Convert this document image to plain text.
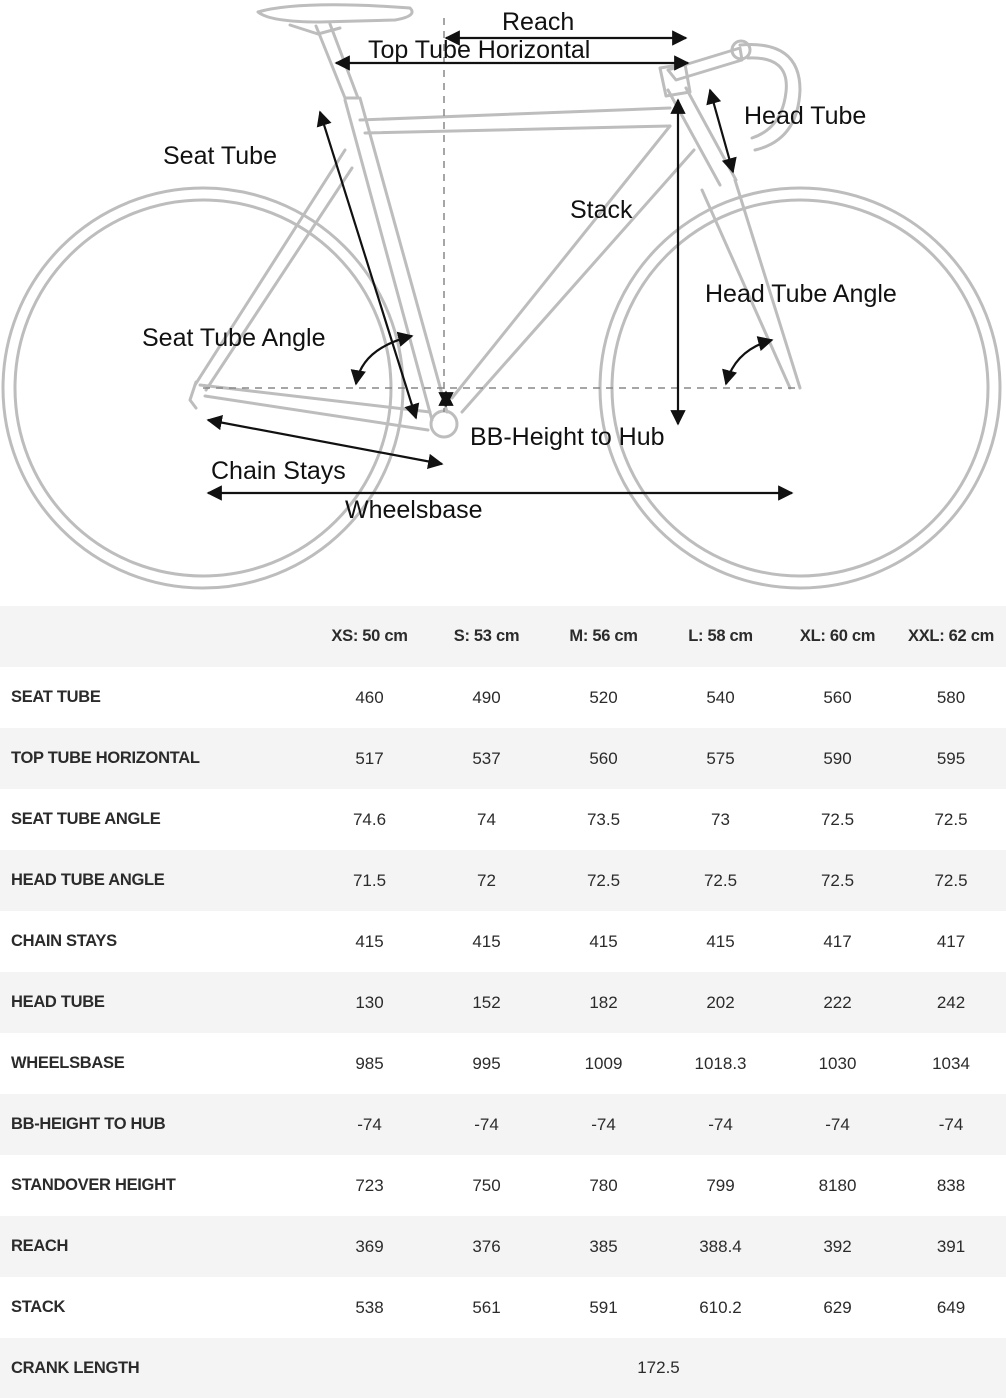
Reach
Top Tube Horizontal
Head Tube
Seat Tube
Stack
Head Tube Angle
Seat Tube Angle
BB-Height to Hub
Chain Stays
Wheelsbase
	XS: 50 cm	S: 53 cm	M: 56 cm	L: 58 cm	XL: 60 cm	XXL: 62 cm
SEAT TUBE	460	490	520	540	560	580
TOP TUBE HORIZONTAL	517	537	560	575	590	595
SEAT TUBE ANGLE	74.6	74	73.5	73	72.5	72.5
HEAD TUBE ANGLE	71.5	72	72.5	72.5	72.5	72.5
CHAIN STAYS	415	415	415	415	417	417
HEAD TUBE	130	152	182	202	222	242
WHEELSBASE	985	995	1009	1018.3	1030	1034
BB-HEIGHT TO HUB	-74	-74	-74	-74	-74	-74
STANDOVER HEIGHT	723	750	780	799	8180	838
REACH	369	376	385	388.4	392	391
STACK	538	561	591	610.2	629	649
CRANK LENGTH	172.5					
